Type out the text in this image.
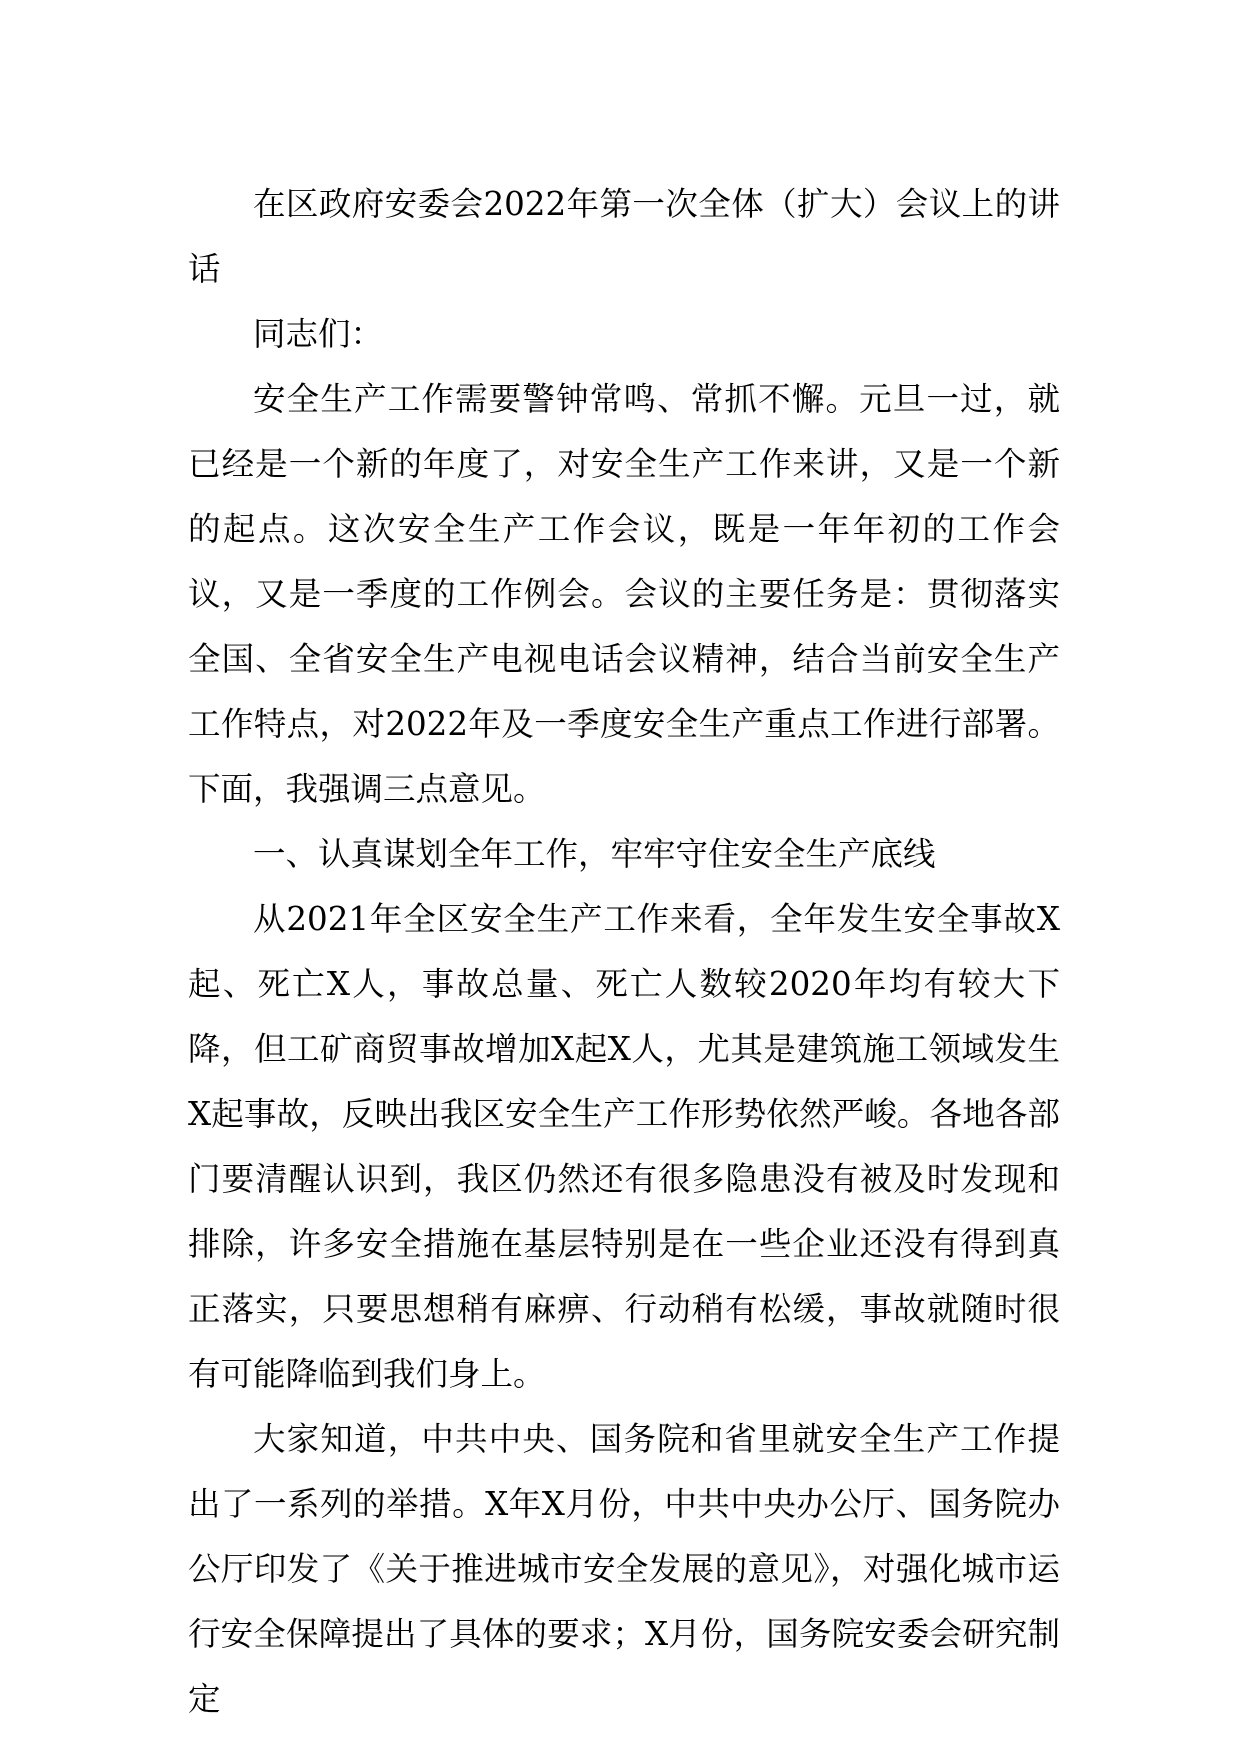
在区政府安委会2022年第一次全体（扩大）会议上的讲话

同志们：

安全生产工作需要警钟常鸣、常抓不懈。元旦一过，就已经是一个新的年度了，对安全生产工作来讲，又是一个新的起点。这次安全生产工作会议，既是一年年初的工作会议，又是一季度的工作例会。会议的主要任务是：贯彻落实全国、全省安全生产电视电话会议精神，结合当前安全生产工作特点，对2022年及一季度安全生产重点工作进行部署。下面，我强调三点意见。

一、认真谋划全年工作，牢牢守住安全生产底线

从2021年全区安全生产工作来看，全年发生安全事故X起、死亡X人，事故总量、死亡人数较2020年均有较大下降，但工矿商贸事故增加X起X人，尤其是建筑施工领域发生X起事故，反映出我区安全生产工作形势依然严峻。各地各部门要清醒认识到，我区仍然还有很多隐患没有被及时发现和排除，许多安全措施在基层特别是在一些企业还没有得到真正落实，只要思想稍有麻痹、行动稍有松缓，事故就随时很有可能降临到我们身上。

大家知道，中共中央、国务院和省里就安全生产工作提出了一系列的举措。X年X月份，中共中央办公厅、国务院办公厅印发了《关于推进城市安全发展的意见》，对强化城市运行安全保障提出了具体的要求；X月份，国务院安委会研究制定
